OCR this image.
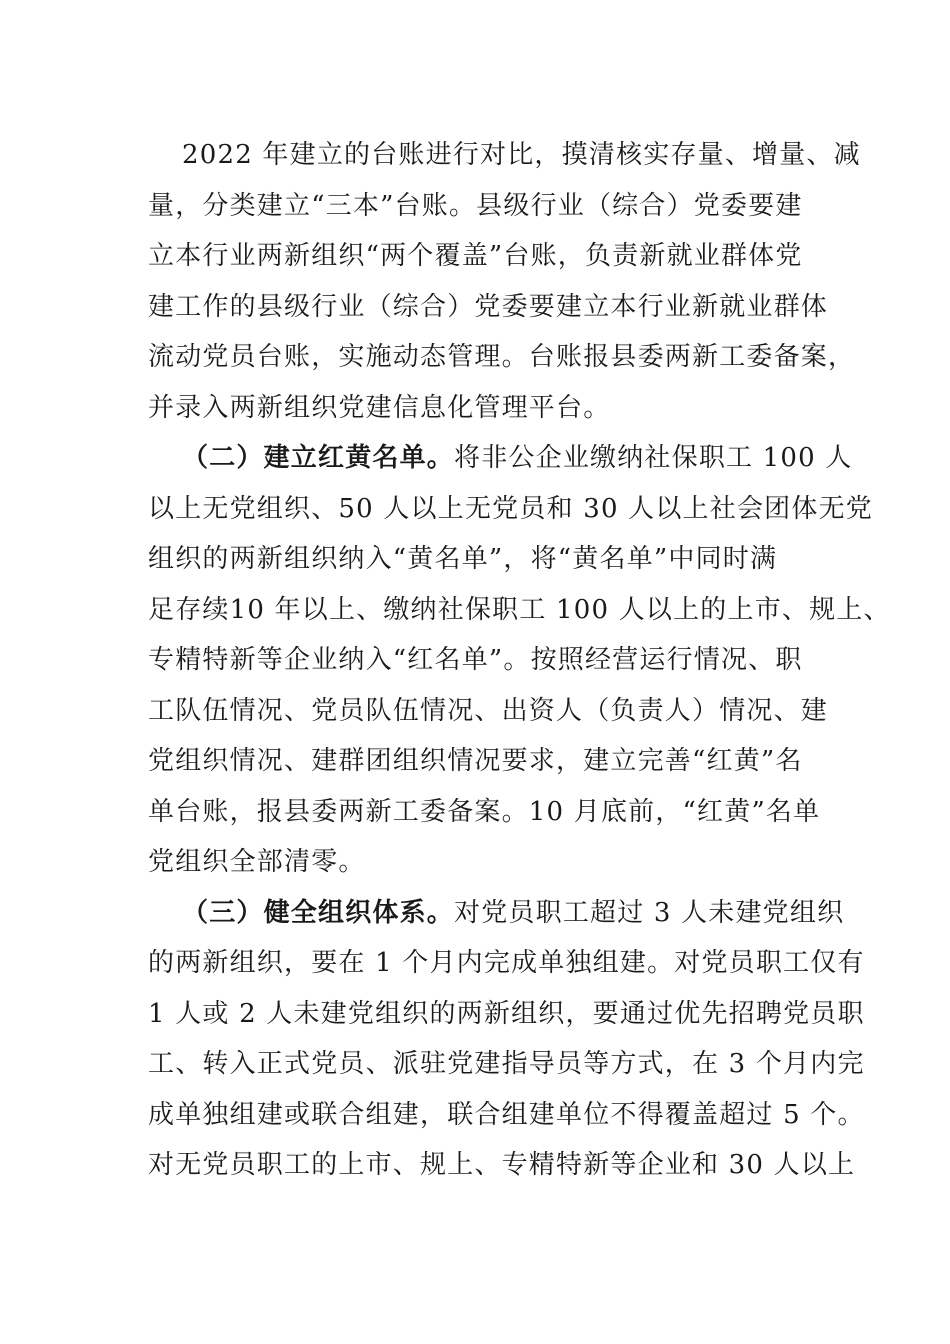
2022 年建立的台账进行对比，摸清核实存量、增量、减
量，分类建立“三本”台账。县级行业（综合）党委要建
立本行业两新组织“两个覆盖”台账，负责新就业群体党
建工作的县级行业（综合）党委要建立本行业新就业群体
流动党员台账，实施动态管理。台账报县委两新工委备案，
并录入两新组织党建信息化管理平台。
（二）建立红黄名单。将非公企业缴纳社保职工 100 人
以上无党组织、50 人以上无党员和 30 人以上社会团体无党
组织的两新组织纳入“黄名单”，将“黄名单”中同时满
足存续10 年以上、缴纳社保职工 100 人以上的上市、规上、
专精特新等企业纳入“红名单”。按照经营运行情况、职
工队伍情况、党员队伍情况、出资人（负责人）情况、建
党组织情况、建群团组织情况要求，建立完善“红黄”名
单台账，报县委两新工委备案。10 月底前，“红黄”名单
党组织全部清零。
（三）健全组织体系。对党员职工超过 3 人未建党组织
的两新组织，要在 1 个月内完成单独组建。对党员职工仅有
1 人或 2 人未建党组织的两新组织，要通过优先招聘党员职
工、转入正式党员、派驻党建指导员等方式，在 3 个月内完
成单独组建或联合组建，联合组建单位不得覆盖超过 5 个。
对无党员职工的上市、规上、专精特新等企业和 30 人以上
